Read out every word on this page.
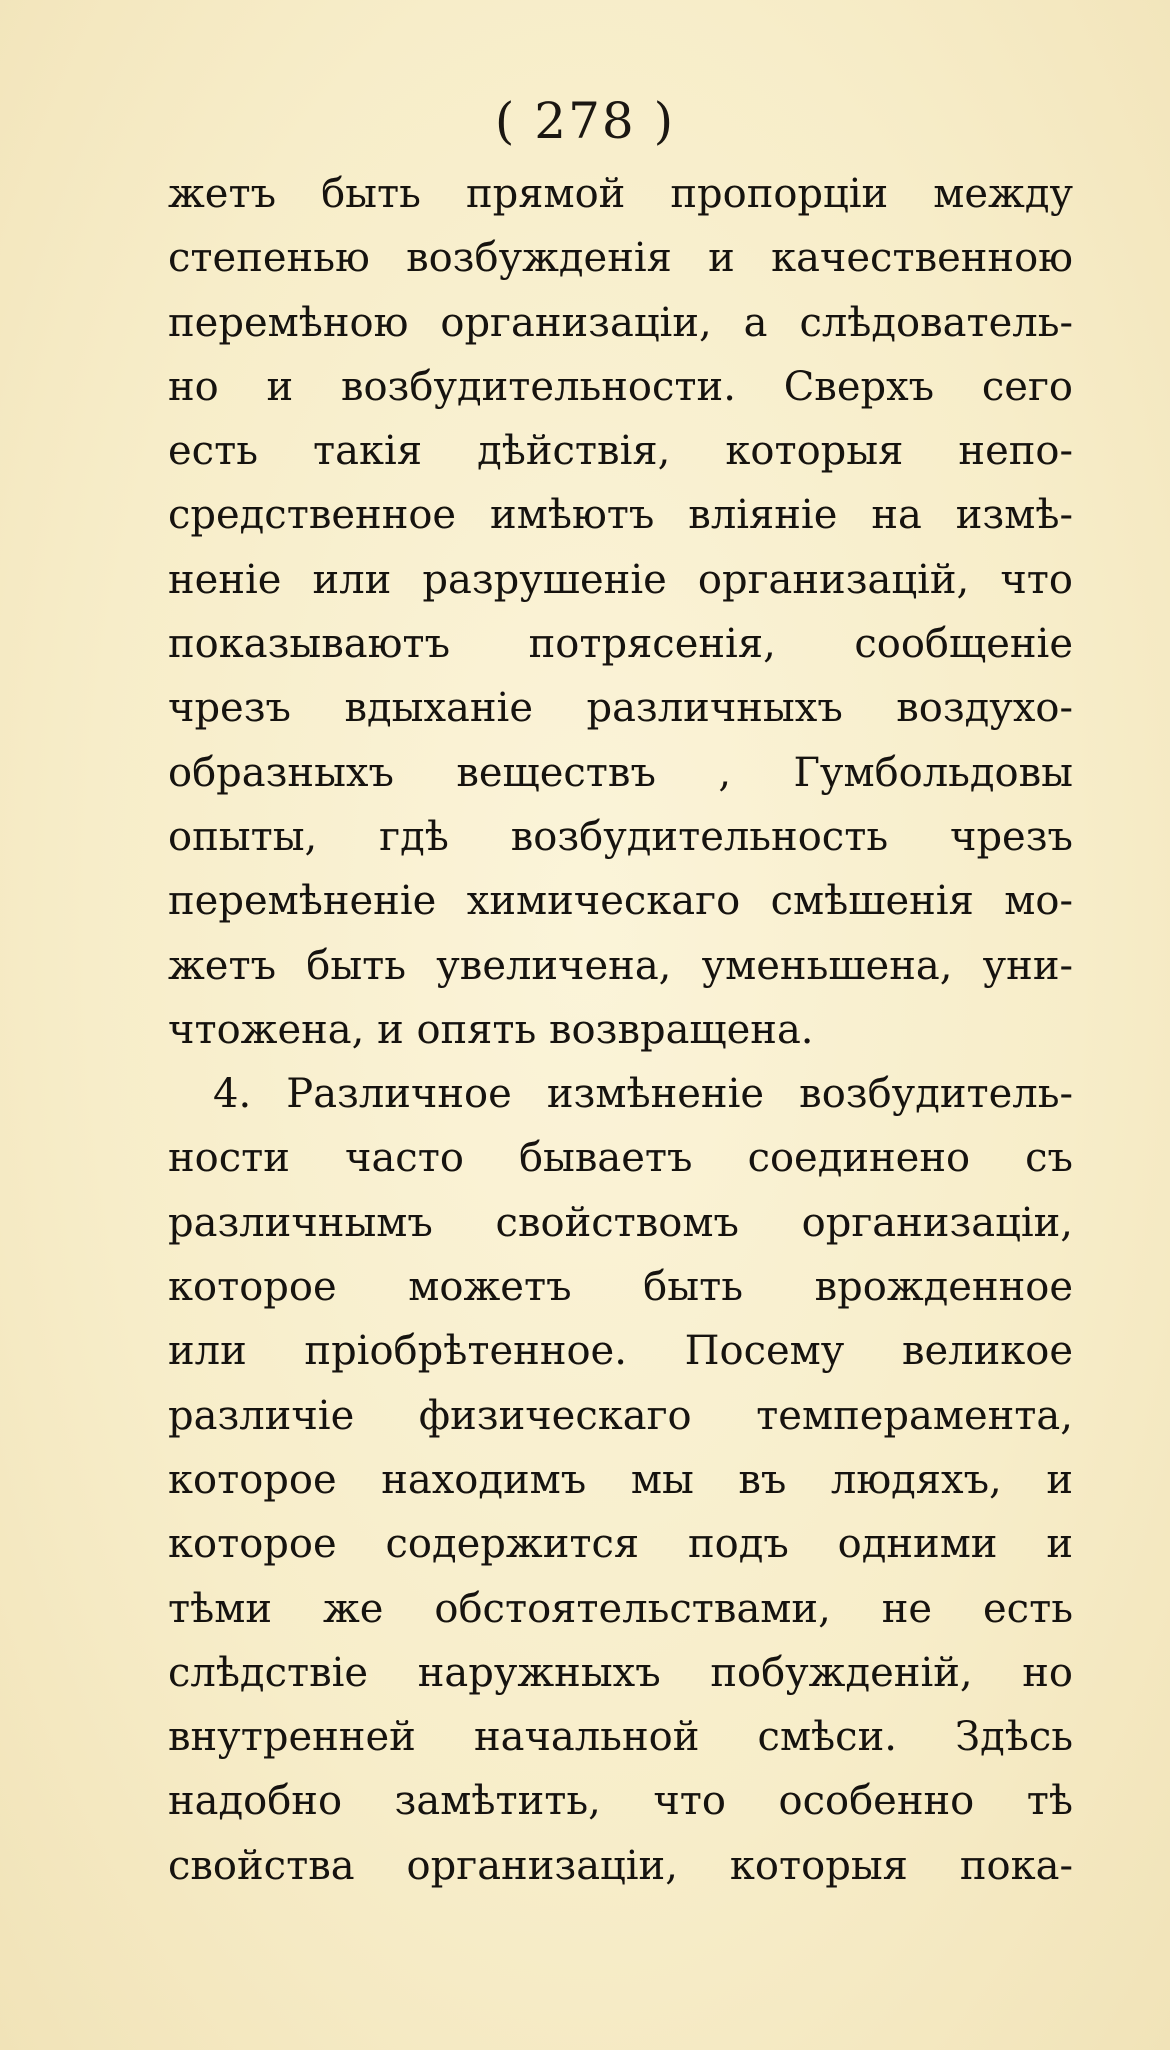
( 278 )
жетъ быть прямой пропорціи между
степенью возбужденія и качественною
перемѣною организаціи, а слѣдователь-
но и возбудительности. Сверхъ сего
есть такія дѣйствія, которыя непо-
средственное имѣютъ вліяніе на измѣ-
неніе или разрушеніе организацій, что
показываютъ потрясенія, сообщеніе
чрезъ вдыханіе различныхъ воздухо-
образныхъ веществъ , Гумбольдовы
опыты, гдѣ возбудительность чрезъ
перемѣненіе химическаго смѣшенія мо-
жетъ быть увеличена, уменьшена, уни-
чтожена, и опять возвращена.
4. Различное измѣненіе возбудитель-
ности часто бываетъ соединено съ
различнымъ свойствомъ организаціи,
которое можетъ быть врожденное
или пріобрѣтенное. Посему великое
различіе физическаго темперамента,
которое находимъ мы въ людяхъ, и
которое содержится подъ одними и
тѣми же обстоятельствами, не есть
слѣдствіе наружныхъ побужденій, но
внутренней начальной смѣси. Здѣсь
надобно замѣтить, что особенно тѣ
свойства организаціи, которыя пока-
